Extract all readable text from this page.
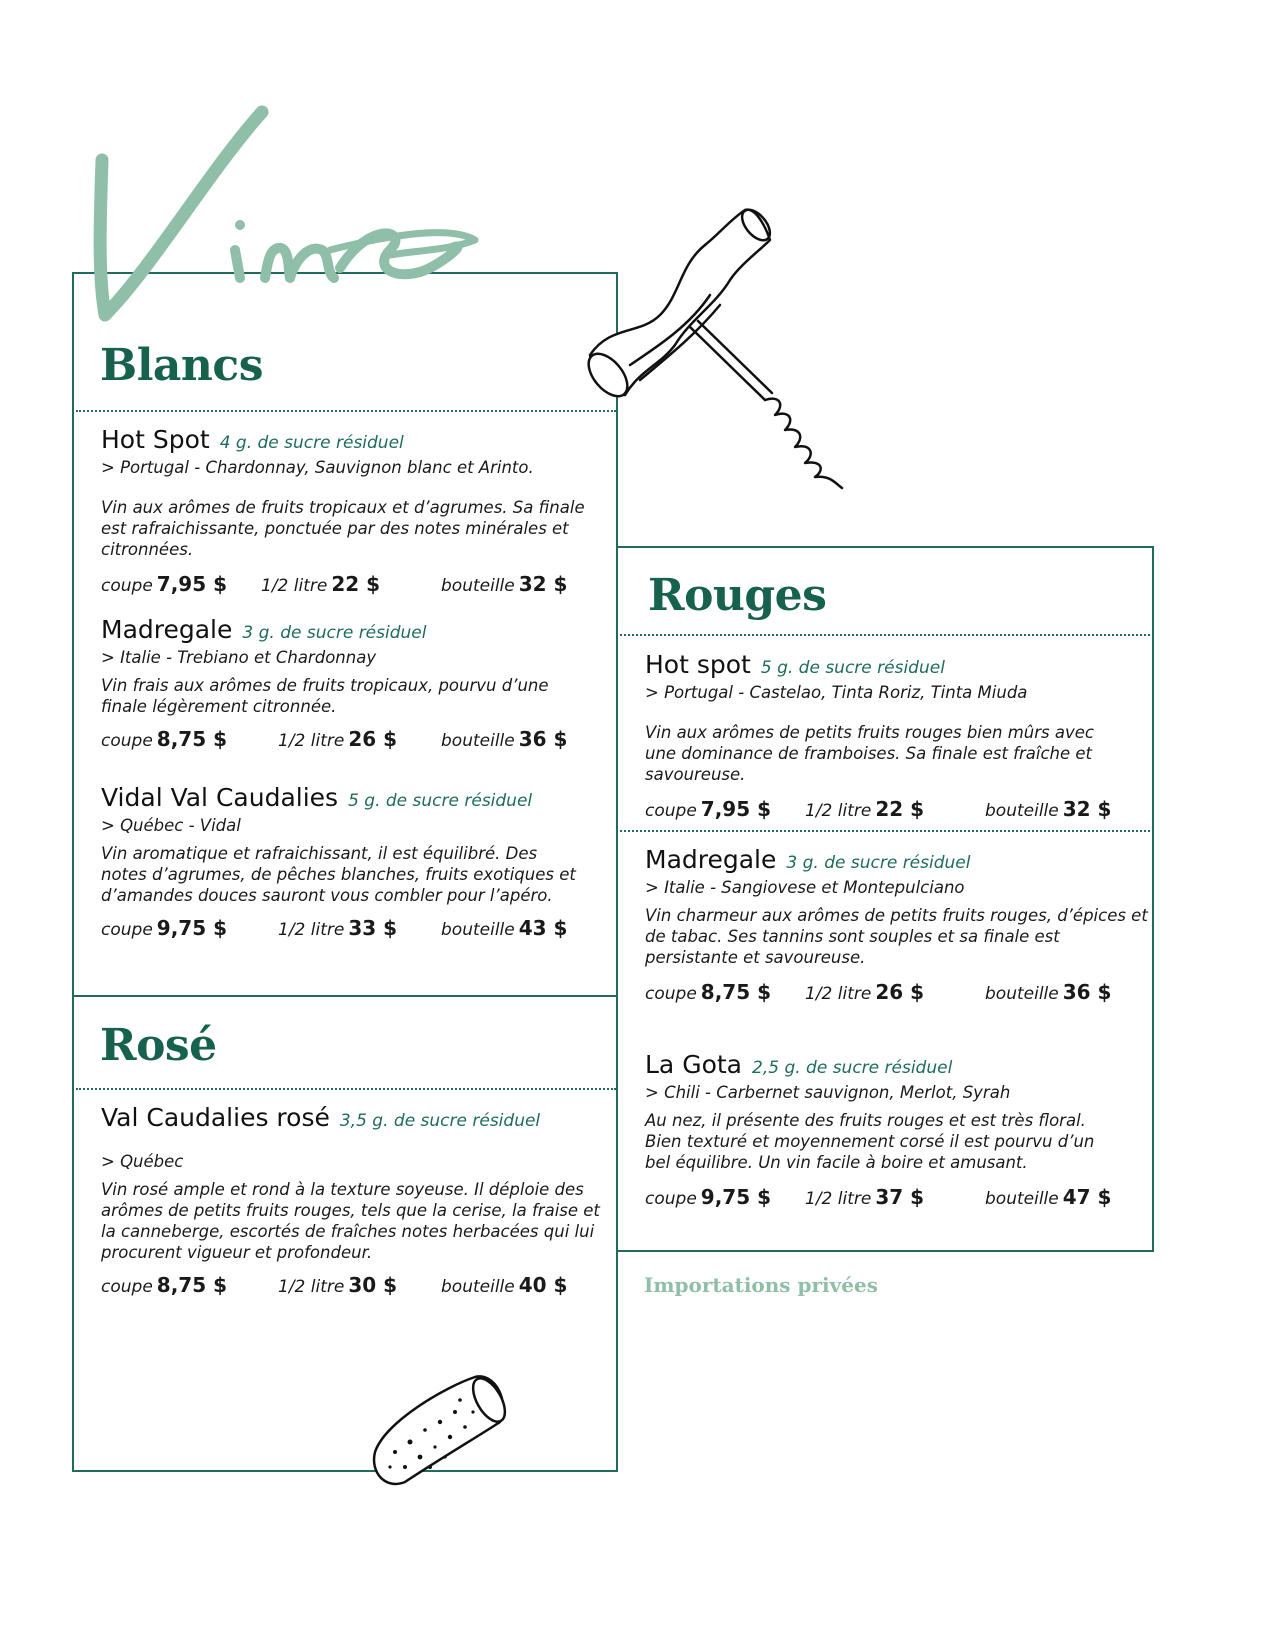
Blancs
Rouges
Rosé
Hot Spot 4 g. de sucre résiduel
> Portugal - Chardonnay, Sauvignon blanc et Arinto.
Vin aux arômes de fruits tropicaux et d’agrumes. Sa finale est rafraichissante, ponctuée par des notes minérales et citronnées.
coupe 7,95 $ 1/2 litre 22 $	bouteille 32 $
Madregale 3 g. de sucre résiduel
> Italie - Trebiano et Chardonnay
Vin frais aux arômes de fruits tropicaux, pourvu d’une finale légèrement citronnée.
coupe 8,75 $	1/2 litre 26 $	bouteille 36 $
Vidal Val Caudalies 5 g. de sucre résiduel
> Québec - Vidal
Vin aromatique et rafraichissant, il est équilibré. Des notes d’agrumes, de pêches blanches, fruits exotiques et d’amandes douces sauront vous combler pour l’apéro.
coupe 9,75 $	1/2 litre 33 $	bouteille 43 $
Val Caudalies rosé 3,5 g. de sucre résiduel
> Québec
Vin rosé ample et rond à la texture soyeuse. Il déploie des arômes de petits fruits rouges, tels que la cerise, la fraise et la canneberge, escortés de fraîches notes herbacées qui lui procurent vigueur et profondeur.
coupe 8,75 $	1/2 litre 30 $	bouteille 40 $
Hot spot 5 g. de sucre résiduel
> Portugal - Castelao, Tinta Roriz, Tinta Miuda
Vin aux arômes de petits fruits rouges bien mûrs avec une dominance de framboises. Sa finale est fraîche et savoureuse.
coupe 7,95 $ 1/2 litre 22 $	bouteille 32 $
Madregale 3 g. de sucre résiduel
> Italie - Sangiovese et Montepulciano
Vin charmeur aux arômes de petits fruits rouges, d’épices et de tabac. Ses tannins sont souples et sa finale est persistante et savoureuse.
coupe 8,75 $ 1/2 litre 26 $	bouteille 36 $
La Gota 2,5 g. de sucre résiduel
> Chili - Carbernet sauvignon, Merlot, Syrah
Au nez, il présente des fruits rouges et est très floral. Bien texturé et moyennement corsé il est pourvu d’un bel équilibre. Un vin facile à boire et amusant.
coupe 9,75 $ 1/2 litre 37 $	bouteille 47 $
Importations privées
